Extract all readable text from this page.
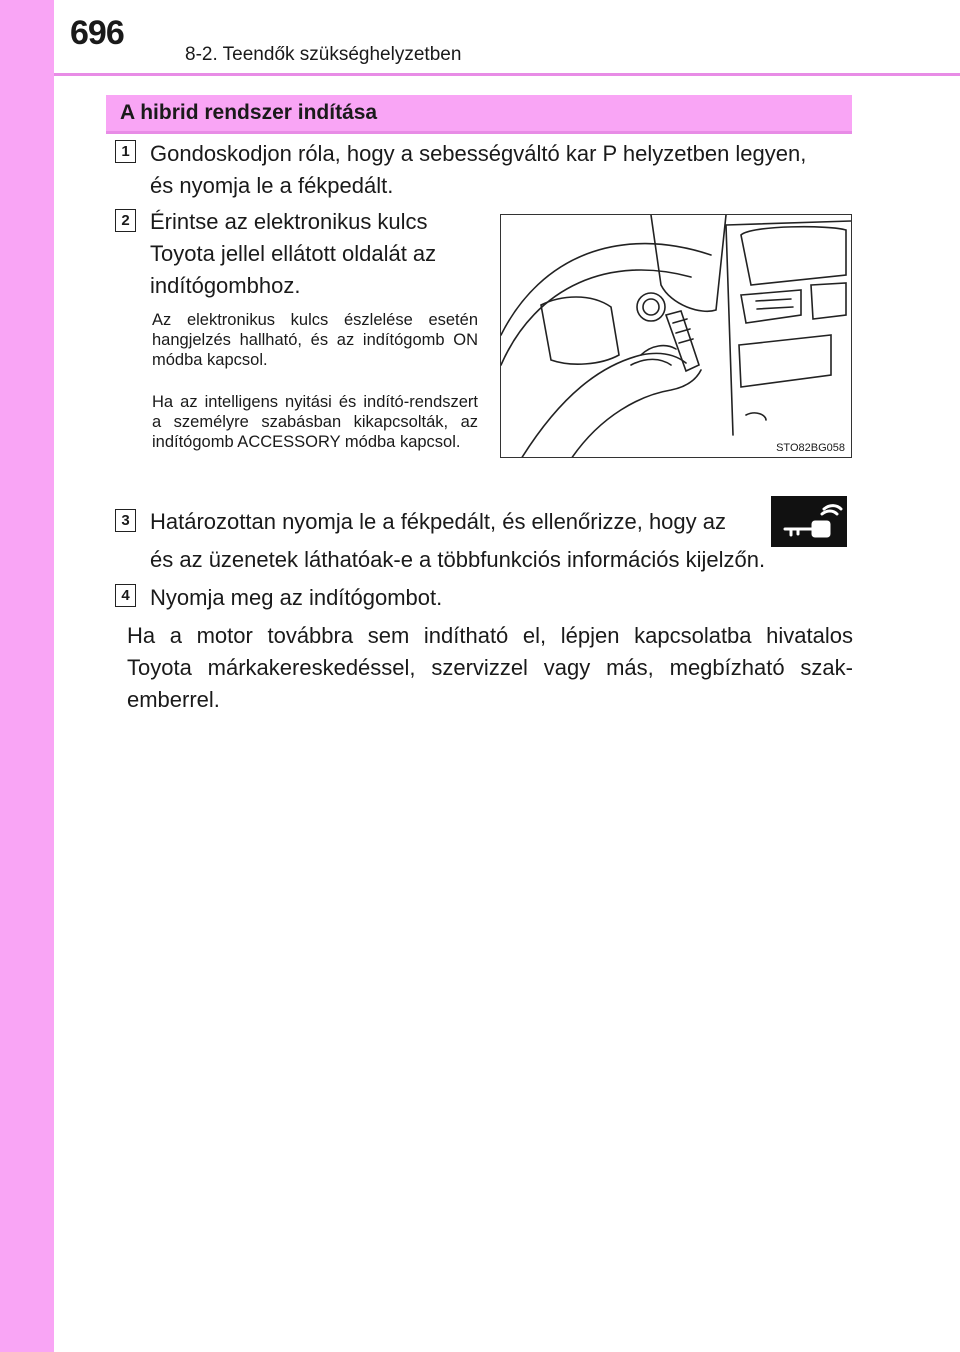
696
8-2. Teendők szükséghelyzetben
A hibrid rendszer indítása
1 Gondoskodjon róla, hogy a sebességváltó kar P helyzetben legyen,
és nyomja le a fékpedált.
2 Érintse az elektronikus kulcs
Toyota jellel ellátott oldalát az
indítógombhoz.
Az elektronikus kulcs észlelése esetén hangjelzés hallható, és az indítógomb ON módba kapcsol.
Ha az intelligens nyitási és indító-rendszert a személyre szabásban kikapcsolták, az indítógomb ACCESSORY módba kapcsol.	STO82BG058
3 Határozottan nyomja le a fékpedált, és ellenőrizze, hogy az
és az üzenetek láthatóak-e a többfunkciós információs kijelzőn.
4 Nyomja meg az indítógombot.
Ha a motor továbbra sem indítható el, lépjen kapcsolatba hivatalos
Toyota márkakereskedéssel, szervizzel vagy más, megbízható szak-
emberrel.
